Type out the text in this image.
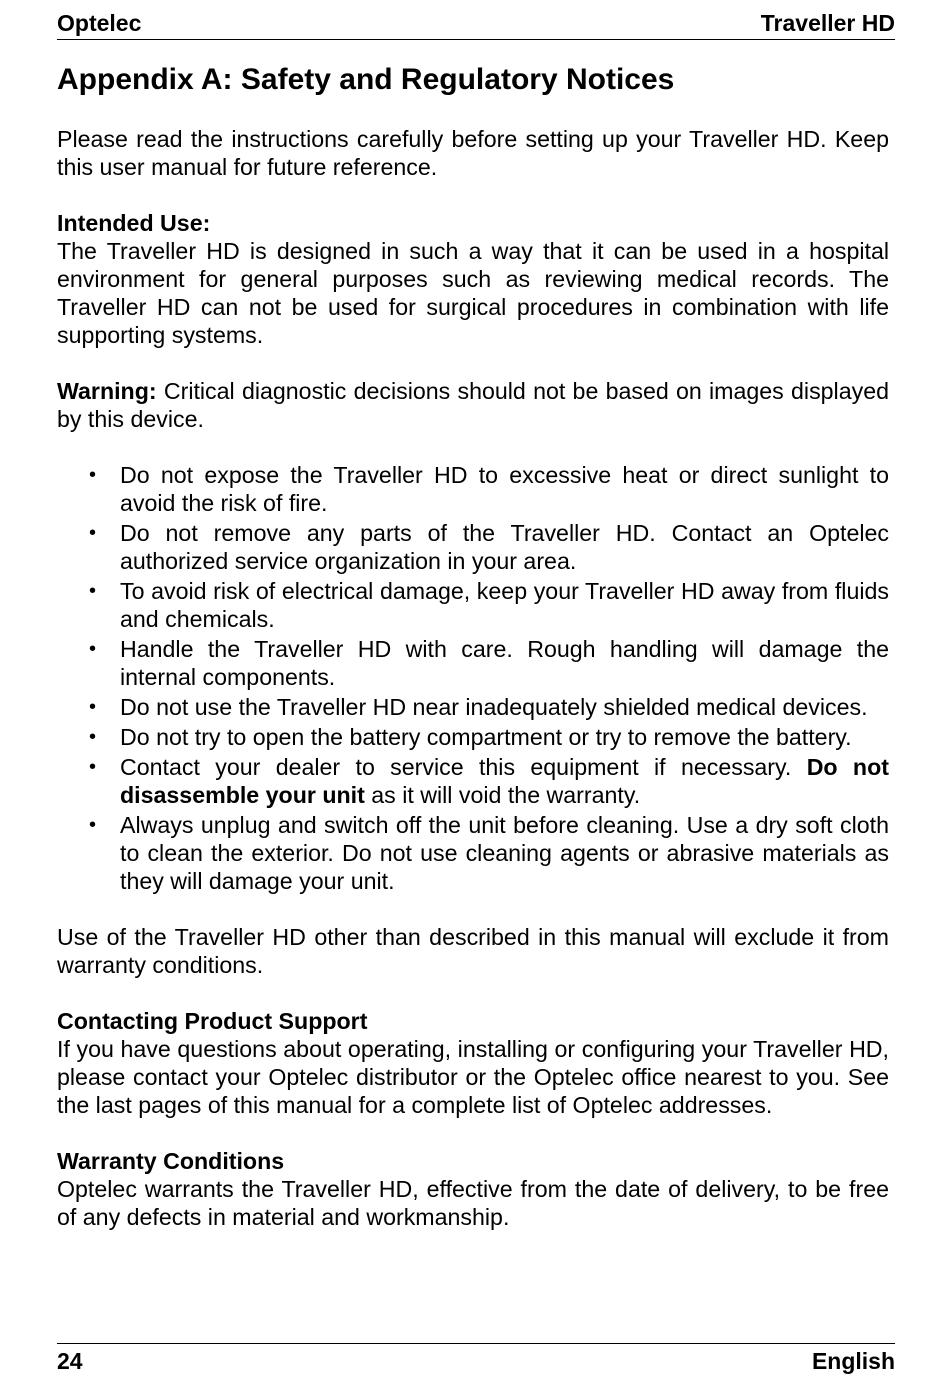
Optelec	Traveller HD
Appendix A: Safety and Regulatory Notices

Please read the instructions carefully before setting up your Traveller HD. Keep this user manual for future reference.

Intended Use:
The Traveller HD is designed in such a way that it can be used in a hospital environment for general purposes such as reviewing medical records. The Traveller HD can not be used for surgical procedures in combination with life supporting systems.

Warning: Critical diagnostic decisions should not be based on images displayed by this device.

• Do not expose the Traveller HD to excessive heat or direct sunlight to avoid the risk of fire.
• Do not remove any parts of the Traveller HD. Contact an Optelec authorized service organization in your area.
• To avoid risk of electrical damage, keep your Traveller HD away from fluids and chemicals.
• Handle the Traveller HD with care. Rough handling will damage the internal components.
• Do not use the Traveller HD near inadequately shielded medical devices.
• Do not try to open the battery compartment or try to remove the battery.
• Contact your dealer to service this equipment if necessary. Do not disassemble your unit as it will void the warranty.
• Always unplug and switch off the unit before cleaning. Use a dry soft cloth to clean the exterior. Do not use cleaning agents or abrasive materials as they will damage your unit.

Use of the Traveller HD other than described in this manual will exclude it from warranty conditions.

Contacting Product Support
If you have questions about operating, installing or configuring your Traveller HD, please contact your Optelec distributor or the Optelec office nearest to you. See the last pages of this manual for a complete list of Optelec addresses.

Warranty Conditions
Optelec warrants the Traveller HD, effective from the date of delivery, to be free of any defects in material and workmanship.

24	English
